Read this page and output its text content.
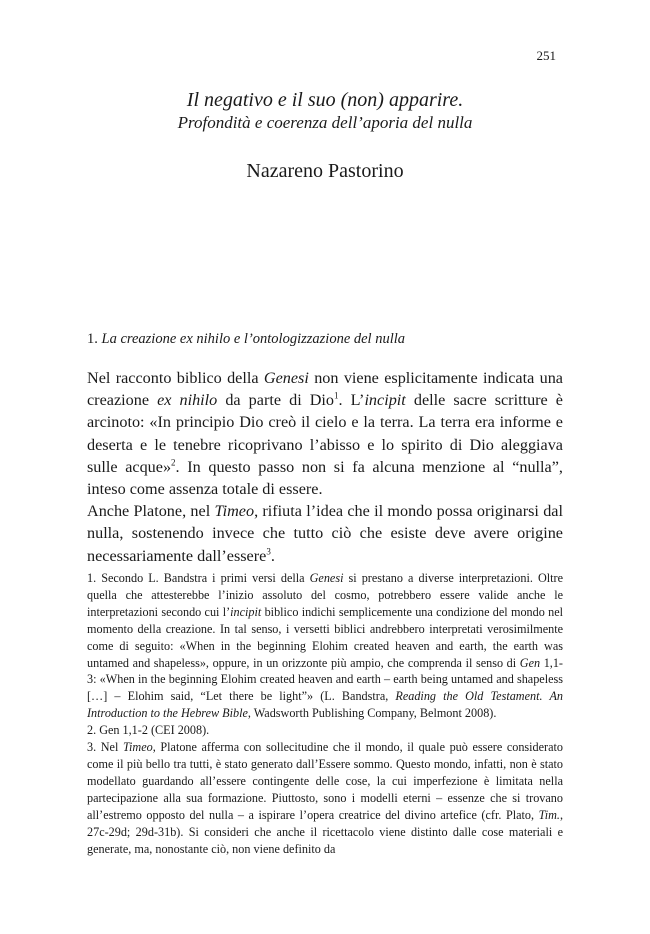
251
Il negativo e il suo (non) apparire.
Profondità e coerenza dell’aporia del nulla
Nazareno Pastorino
1. La creazione ex nihilo e l’ontologizzazione del nulla

Nel racconto biblico della Genesi non viene esplicitamente indicata una creazione ex nihilo da parte di Dio$^1$. L’incipit delle sacre scritture è arcinoto: «In principio Dio creò il cielo e la terra. La terra era informe e deserta e le tenebre ricoprivano l’abisso e lo spirito di Dio aleggiava sulle acque»$^2$. In questo passo non si fa alcuna menzione al “nulla”, inteso come assenza totale di essere.

Anche Platone, nel Timeo, rifiuta l’idea che il mondo possa originarsi dal nulla, sostenendo invece che tutto ciò che esiste deve avere origine necessariamente dall’essere$^3$.

1. Secondo L. Bandstra i primi versi della Genesi si prestano a diverse interpretazioni. Oltre quella che attesterebbe l’inizio assoluto del cosmo, potrebbero essere valide anche le interpretazioni secondo cui l’incipit biblico indichi semplicemente una condizione del mondo nel momento della creazione. In tal senso, i versetti biblici andrebbero interpretati verosimilmente come di seguito: «When in the beginning Elohim created heaven and earth, the earth was untamed and shapeless», oppure, in un orizzonte più ampio, che comprenda il senso di Gen 1,1-3: «When in the beginning Elohim created heaven and earth – earth being untamed and shapeless […] – Elohim said, “Let there be light”» (L. Bandstra, Reading the Old Testament. An Introduction to the Hebrew Bible, Wadsworth Publishing Company, Belmont 2008).

2. Gen 1,1-2 (CEI 2008).

3. Nel Timeo, Platone afferma con sollecitudine che il mondo, il quale può essere considerato come il più bello tra tutti, è stato generato dall’Essere sommo. Questo mondo, infatti, non è stato modellato guardando all’essere contingente delle cose, la cui imperfezione è limitata nella partecipazione alla sua formazione. Piuttosto, sono i modelli eterni – essenze che si trovano all’estremo opposto del nulla – a ispirare l’opera creatrice del divino artefice (cfr. Plato, Tim., 27c-29d; 29d-31b). Si consideri che anche il ricettacolo viene distinto dalle cose materiali e generate, ma, nonostante ciò, non viene definito da
